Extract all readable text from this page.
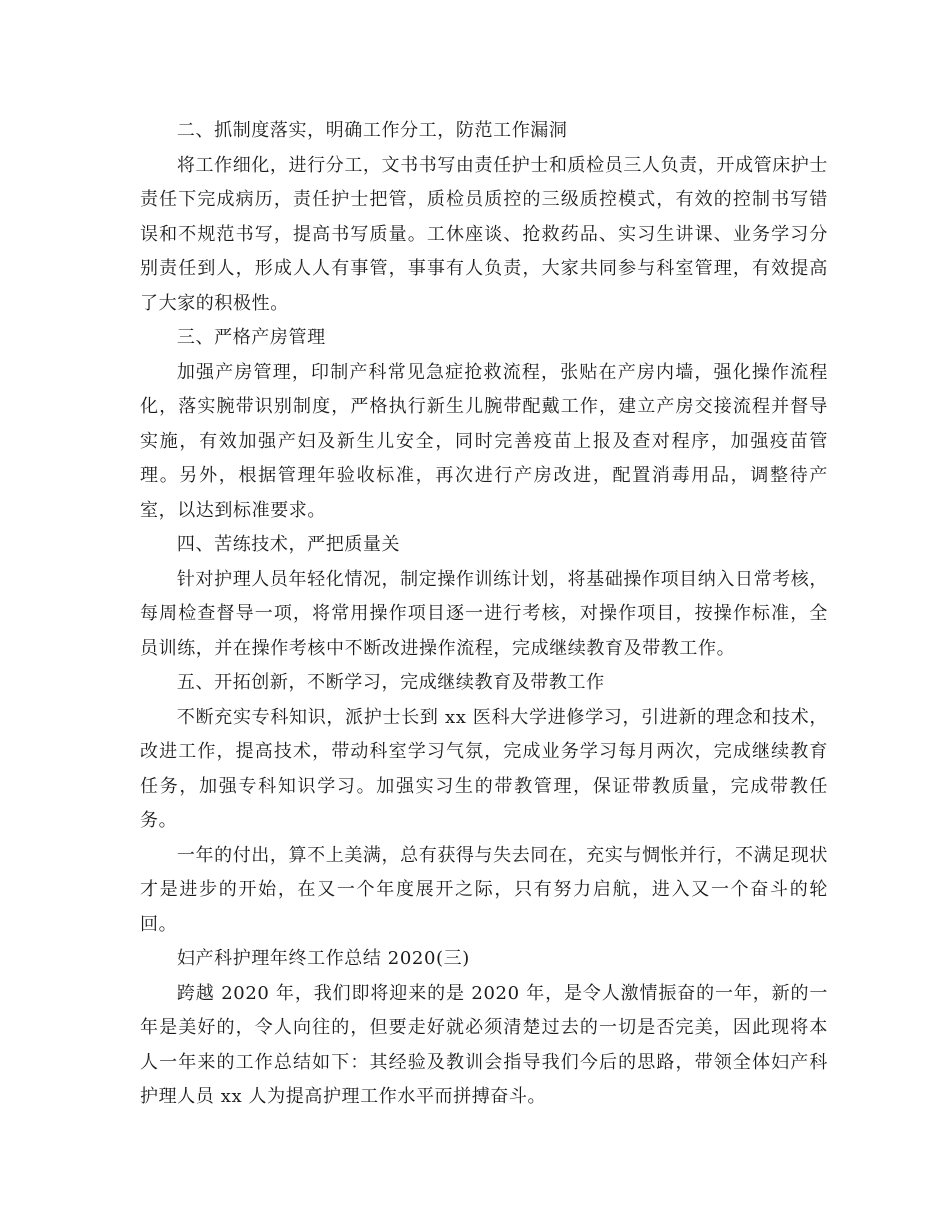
二、抓制度落实，明确工作分工，防范工作漏洞

将工作细化，进行分工，文书书写由责任护士和质检员三人负责，开成管床护士责任下完成病历，责任护士把管，质检员质控的三级质控模式，有效的控制书写错误和不规范书写，提高书写质量。工休座谈、抢救药品、实习生讲课、业务学习分别责任到人，形成人人有事管，事事有人负责，大家共同参与科室管理，有效提高了大家的积极性。

三、严格产房管理

加强产房管理，印制产科常见急症抢救流程，张贴在产房内墙，强化操作流程化，落实腕带识别制度，严格执行新生儿腕带配戴工作，建立产房交接流程并督导实施，有效加强产妇及新生儿安全，同时完善疫苗上报及查对程序，加强疫苗管理。另外，根据管理年验收标准，再次进行产房改进，配置消毒用品，调整待产室，以达到标准要求。

四、苦练技术，严把质量关

针对护理人员年轻化情况，制定操作训练计划，将基础操作项目纳入日常考核，每周检查督导一项，将常用操作项目逐一进行考核，对操作项目，按操作标准，全员训练，并在操作考核中不断改进操作流程，完成继续教育及带教工作。

五、开拓创新，不断学习，完成继续教育及带教工作

不断充实专科知识，派护士长到 xx 医科大学进修学习，引进新的理念和技术，改进工作，提高技术，带动科室学习气氛，完成业务学习每月两次，完成继续教育任务，加强专科知识学习。加强实习生的带教管理，保证带教质量，完成带教任务。

一年的付出，算不上美满，总有获得与失去同在，充实与惆怅并行，不满足现状才是进步的开始，在又一个年度展开之际，只有努力启航，进入又一个奋斗的轮回。

妇产科护理年终工作总结 2020(三)

跨越 2020 年，我们即将迎来的是 2020 年，是令人激情振奋的一年，新的一年是美好的，令人向往的，但要走好就必须清楚过去的一切是否完美，因此现将本人一年来的工作总结如下：其经验及教训会指导我们今后的思路，带领全体妇产科护理人员 xx 人为提高护理工作水平而拼搏奋斗。
